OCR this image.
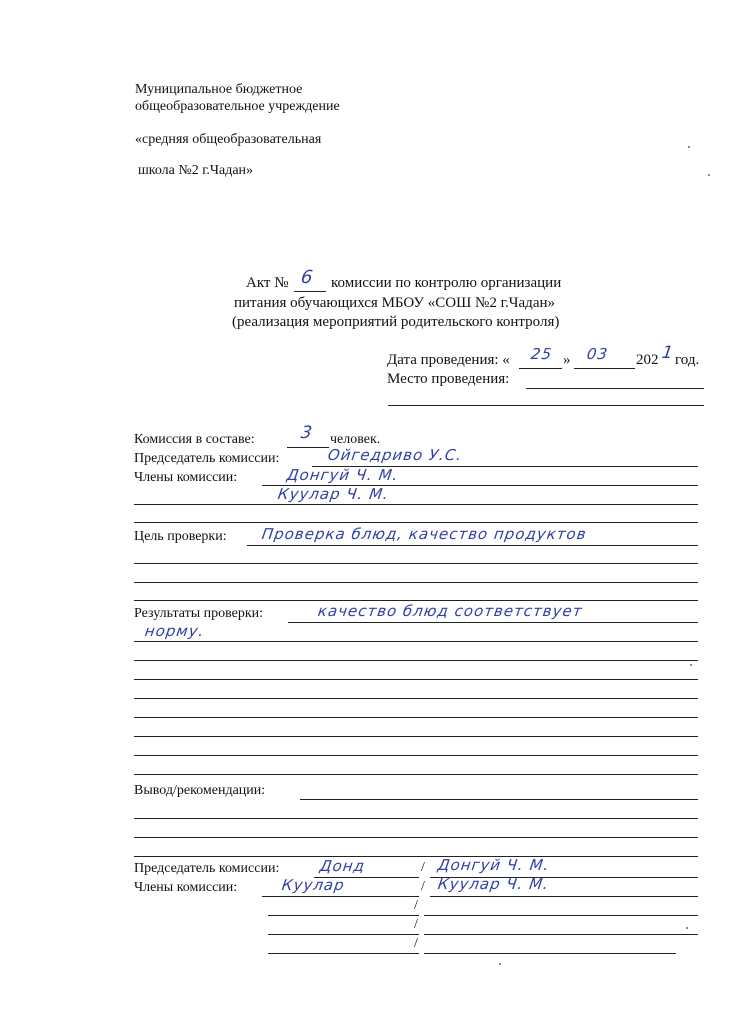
Муниципальное бюджетное
общеобразовательное учреждение
«средняя общеобразовательная
школа №2 г.Чадан»
Акт № 6 комиссии по контролю организации
питания обучающихся МБОУ «СОШ №2 г.Чадан»
(реализация мероприятий родительского контроля)
Дата проведения: « 25 » 03 202 1 год.
Место проведения:
Комиссия в составе:	3 человек.
Председатель комиссии:	Ойгедриво У.С.
Члены комиссии:	Донгуй Ч. М.
Куулар Ч. М.
Цель проверки: Проверка блюд, качество продуктов
Результаты проверки:	качество блюд соответствует
норму.
Вывод/рекомендации:
Председатель комиссии:	Донд	/ Донгуй Ч. М.
Члены комиссии:	Куулар	/ Куулар Ч. М.
/
/
/
